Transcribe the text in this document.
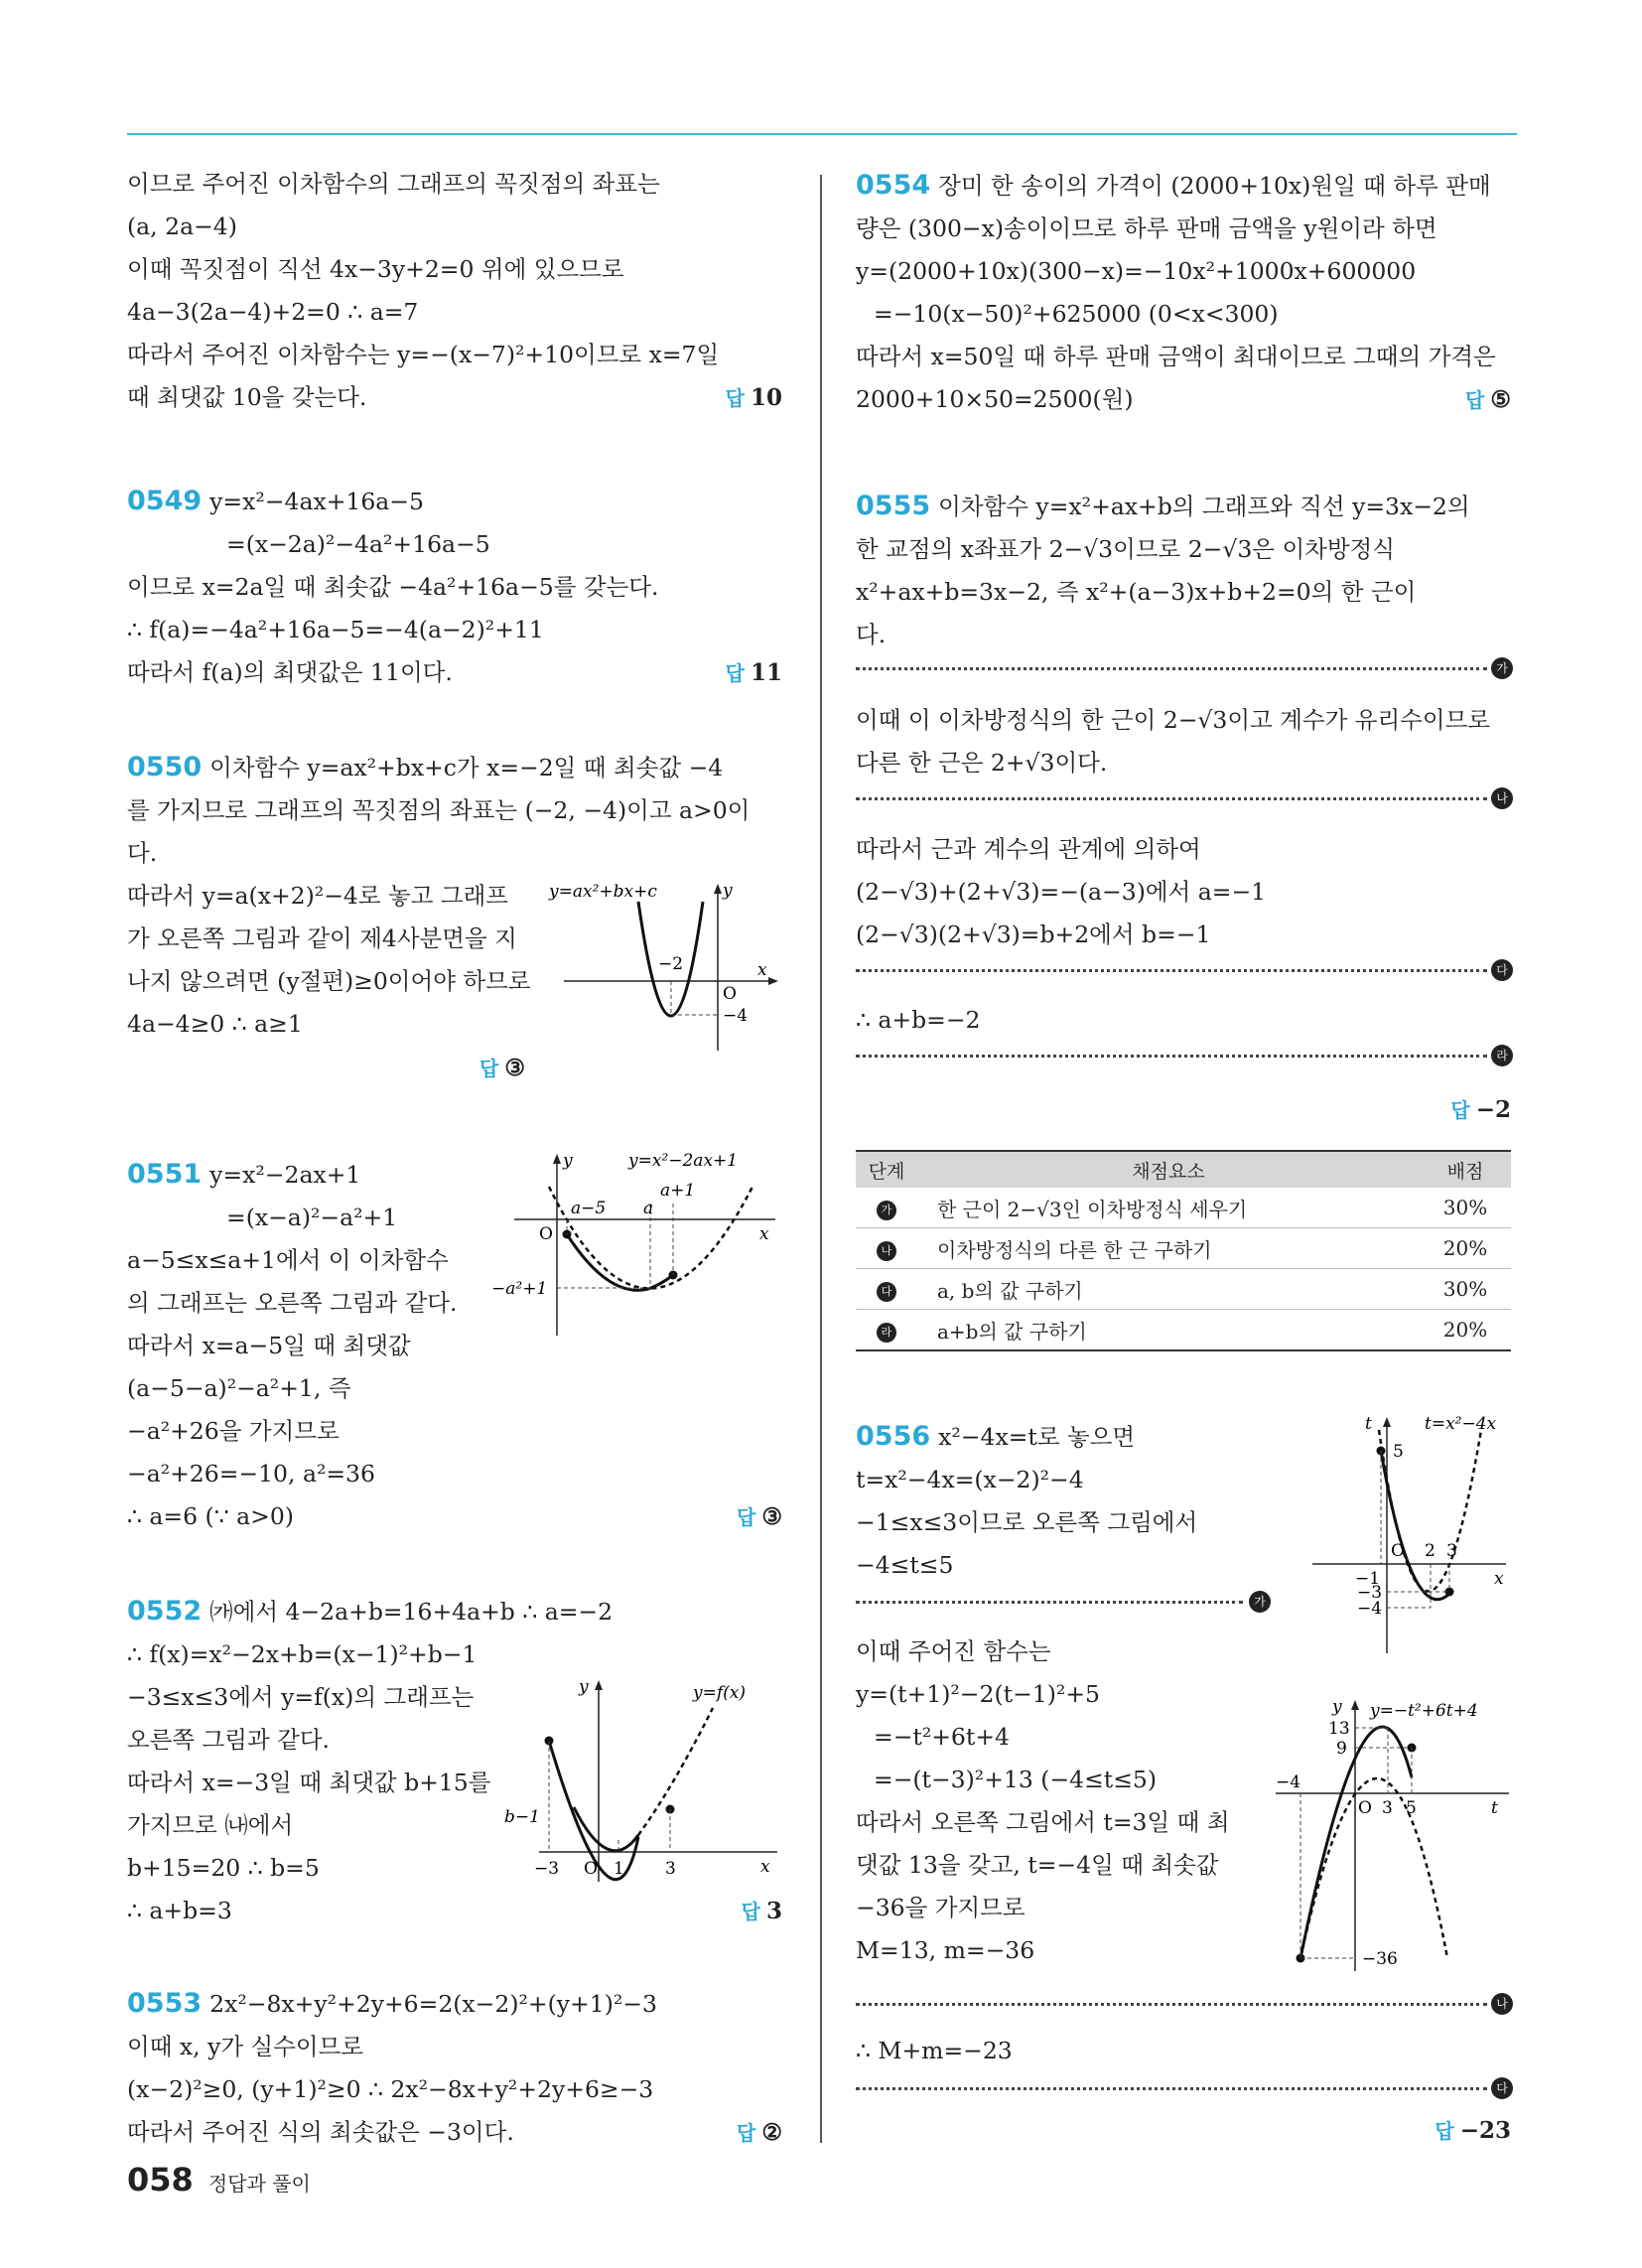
이므로 주어진 이차함수의 그래프의 꼭짓점의 좌표는
(a, 2a−4)
이때 꼭짓점이 직선 4x−3y+2=0 위에 있으므로
4a−3(2a−4)+2=0 ∴ a=7
따라서 주어진 이차함수는 y=−(x−7)²+10이므로 x=7일
때 최댓값 10을 갖는다.	답 10
0549 y=x²−4ax+16a−5
=(x−2a)²−4a²+16a−5
이므로 x=2a일 때 최솟값 −4a²+16a−5를 갖는다.
∴ f(a)=−4a²+16a−5=−4(a−2)²+11
따라서 f(a)의 최댓값은 11이다.	답 11
0550 이차함수 y=ax²+bx+c가 x=−2일 때 최솟값 −4
를 가지므로 그래프의 꼭짓점의 좌표는 (−2, −4)이고 a>0이
다.
따라서 y=a(x+2)²−4로 놓고 그래프
가 오른쪽 그림과 같이 제4사분면을 지
나지 않으려면 (y절편)≥0이어야 하므로
4a−4≥0 ∴ a≥1
답 ③
y=ax²+bx+c	y
x
O
−2
−4
0551 y=x²−2ax+1
=(x−a)²−a²+1
a−5≤x≤a+1에서 이 이차함수
의 그래프는 오른쪽 그림과 같다.
따라서 x=a−5일 때 최댓값
(a−5−a)²−a²+1, 즉
−a²+26을 가지므로
−a²+26=−10, a²=36
∴ a=6 (∵ a>0)	답 ③
y	y=x²−2ax+1
x
O
a−5 a
a+1
−a²+1
0552 ㈎에서 4−2a+b=16+4a+b ∴ a=−2
∴ f(x)=x²−2x+b=(x−1)²+b−1
−3≤x≤3에서 y=f(x)의 그래프는
오른쪽 그림과 같다.
따라서 x=−3일 때 최댓값 b+15를
가지므로 ㈏에서
b+15=20 ∴ b=5
∴ a+b=3	답 3
y	y=f(x)
x
b−1
−3 O 1 3
0553 2x²−8x+y²+2y+6=2(x−2)²+(y+1)²−3
이때 x, y가 실수이므로
(x−2)²≥0, (y+1)²≥0 ∴ 2x²−8x+y²+2y+6≥−3
따라서 주어진 식의 최솟값은 −3이다.	답 ②
0554 장미 한 송이의 가격이 (2000+10x)원일 때 하루 판매
량은 (300−x)송이이므로 하루 판매 금액을 y원이라 하면
y=(2000+10x)(300−x)=−10x²+1000x+600000
=−10(x−50)²+625000 (0<x<300)
따라서 x=50일 때 하루 판매 금액이 최대이므로 그때의 가격은
2000+10×50=2500(원)	답 ⑤
0555 이차함수 y=x²+ax+b의 그래프와 직선 y=3x−2의
한 교점의 x좌표가 2−√3이므로 2−√3은 이차방정식
x²+ax+b=3x−2, 즉 x²+(a−3)x+b+2=0의 한 근이
다.
가
이때 이 이차방정식의 한 근이 2−√3이고 계수가 유리수이므로
다른 한 근은 2+√3이다.
나
따라서 근과 계수의 관계에 의하여
(2−√3)+(2+√3)=−(a−3)에서 a=−1
(2−√3)(2+√3)=b+2에서 b=−1
다
∴ a+b=−2
라
답 −2
단계	채점요소	배점
가	한 근이 2−√3인 이차방정식 세우기	30%
나	이차방정식의 다른 한 근 구하기	20%
다	a, b의 값 구하기	30%
라	a+b의 값 구하기	20%
0556 x²−4x=t로 놓으면
t=x²−4x=(x−2)²−4
−1≤x≤3이므로 오른쪽 그림에서
−4≤t≤5
가
이때 주어진 함수는
y=(t+1)²−2(t−1)²+5
=−t²+6t+4
=−(t−3)²+13 (−4≤t≤5)
따라서 오른쪽 그림에서 t=3일 때 최
댓값 13을 갖고, t=−4일 때 최솟값
−36을 가지므로
M=13, m=−36
나
∴ M+m=−23
다
답 −23
t	t=x²−4x
x
5
−1
O 2 3
−3
−4
y y=−t²+6t+4
t
13
9
−4
O 3 5
−36
058 정답과 풀이
